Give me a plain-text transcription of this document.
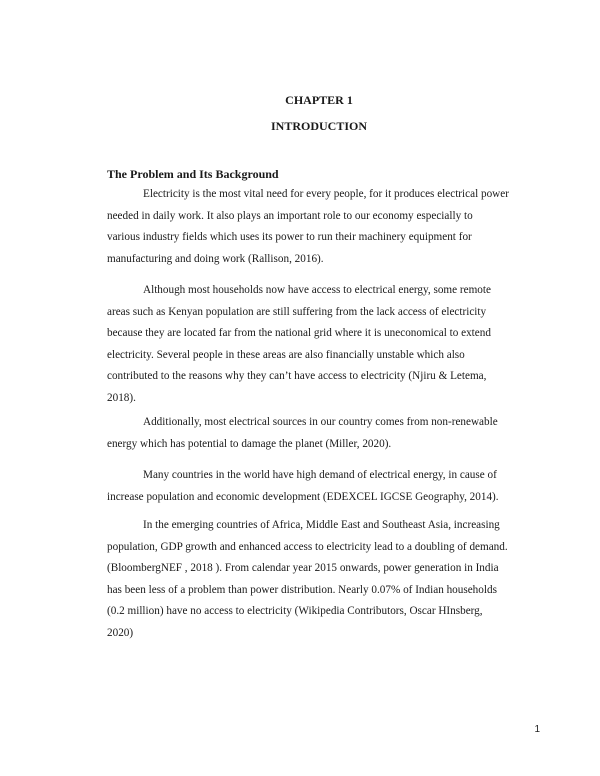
CHAPTER 1
INTRODUCTION
The Problem and Its Background
Electricity is the most vital need for every people, for it produces electrical power
needed in daily work. It also plays an important role to our economy especially to
various industry fields which uses its power to run their machinery equipment for
manufacturing and doing work (Rallison, 2016).
Although most households now have access to electrical energy, some remote
areas such as Kenyan population are still suffering from the lack access of electricity
because they are located far from the national grid where it is uneconomical to extend
electricity. Several people in these areas are also financially unstable which also
contributed to the reasons why they can’t have access to electricity (Njiru & Letema,
2018).
Additionally, most electrical sources in our country comes from non-renewable
energy which has potential to damage the planet (Miller, 2020).
Many countries in the world have high demand of electrical energy, in cause of
increase population and economic development (EDEXCEL IGCSE Geography, 2014).
In the emerging countries of Africa, Middle East and Southeast Asia, increasing
population, GDP growth and enhanced access to electricity lead to a doubling of demand.
(BloombergNEF , 2018 ). From calendar year 2015 onwards, power generation in India
has been less of a problem than power distribution. Nearly 0.07% of Indian households
(0.2 million) have no access to electricity (Wikipedia Contributors, Oscar HInsberg,
2020)
1
